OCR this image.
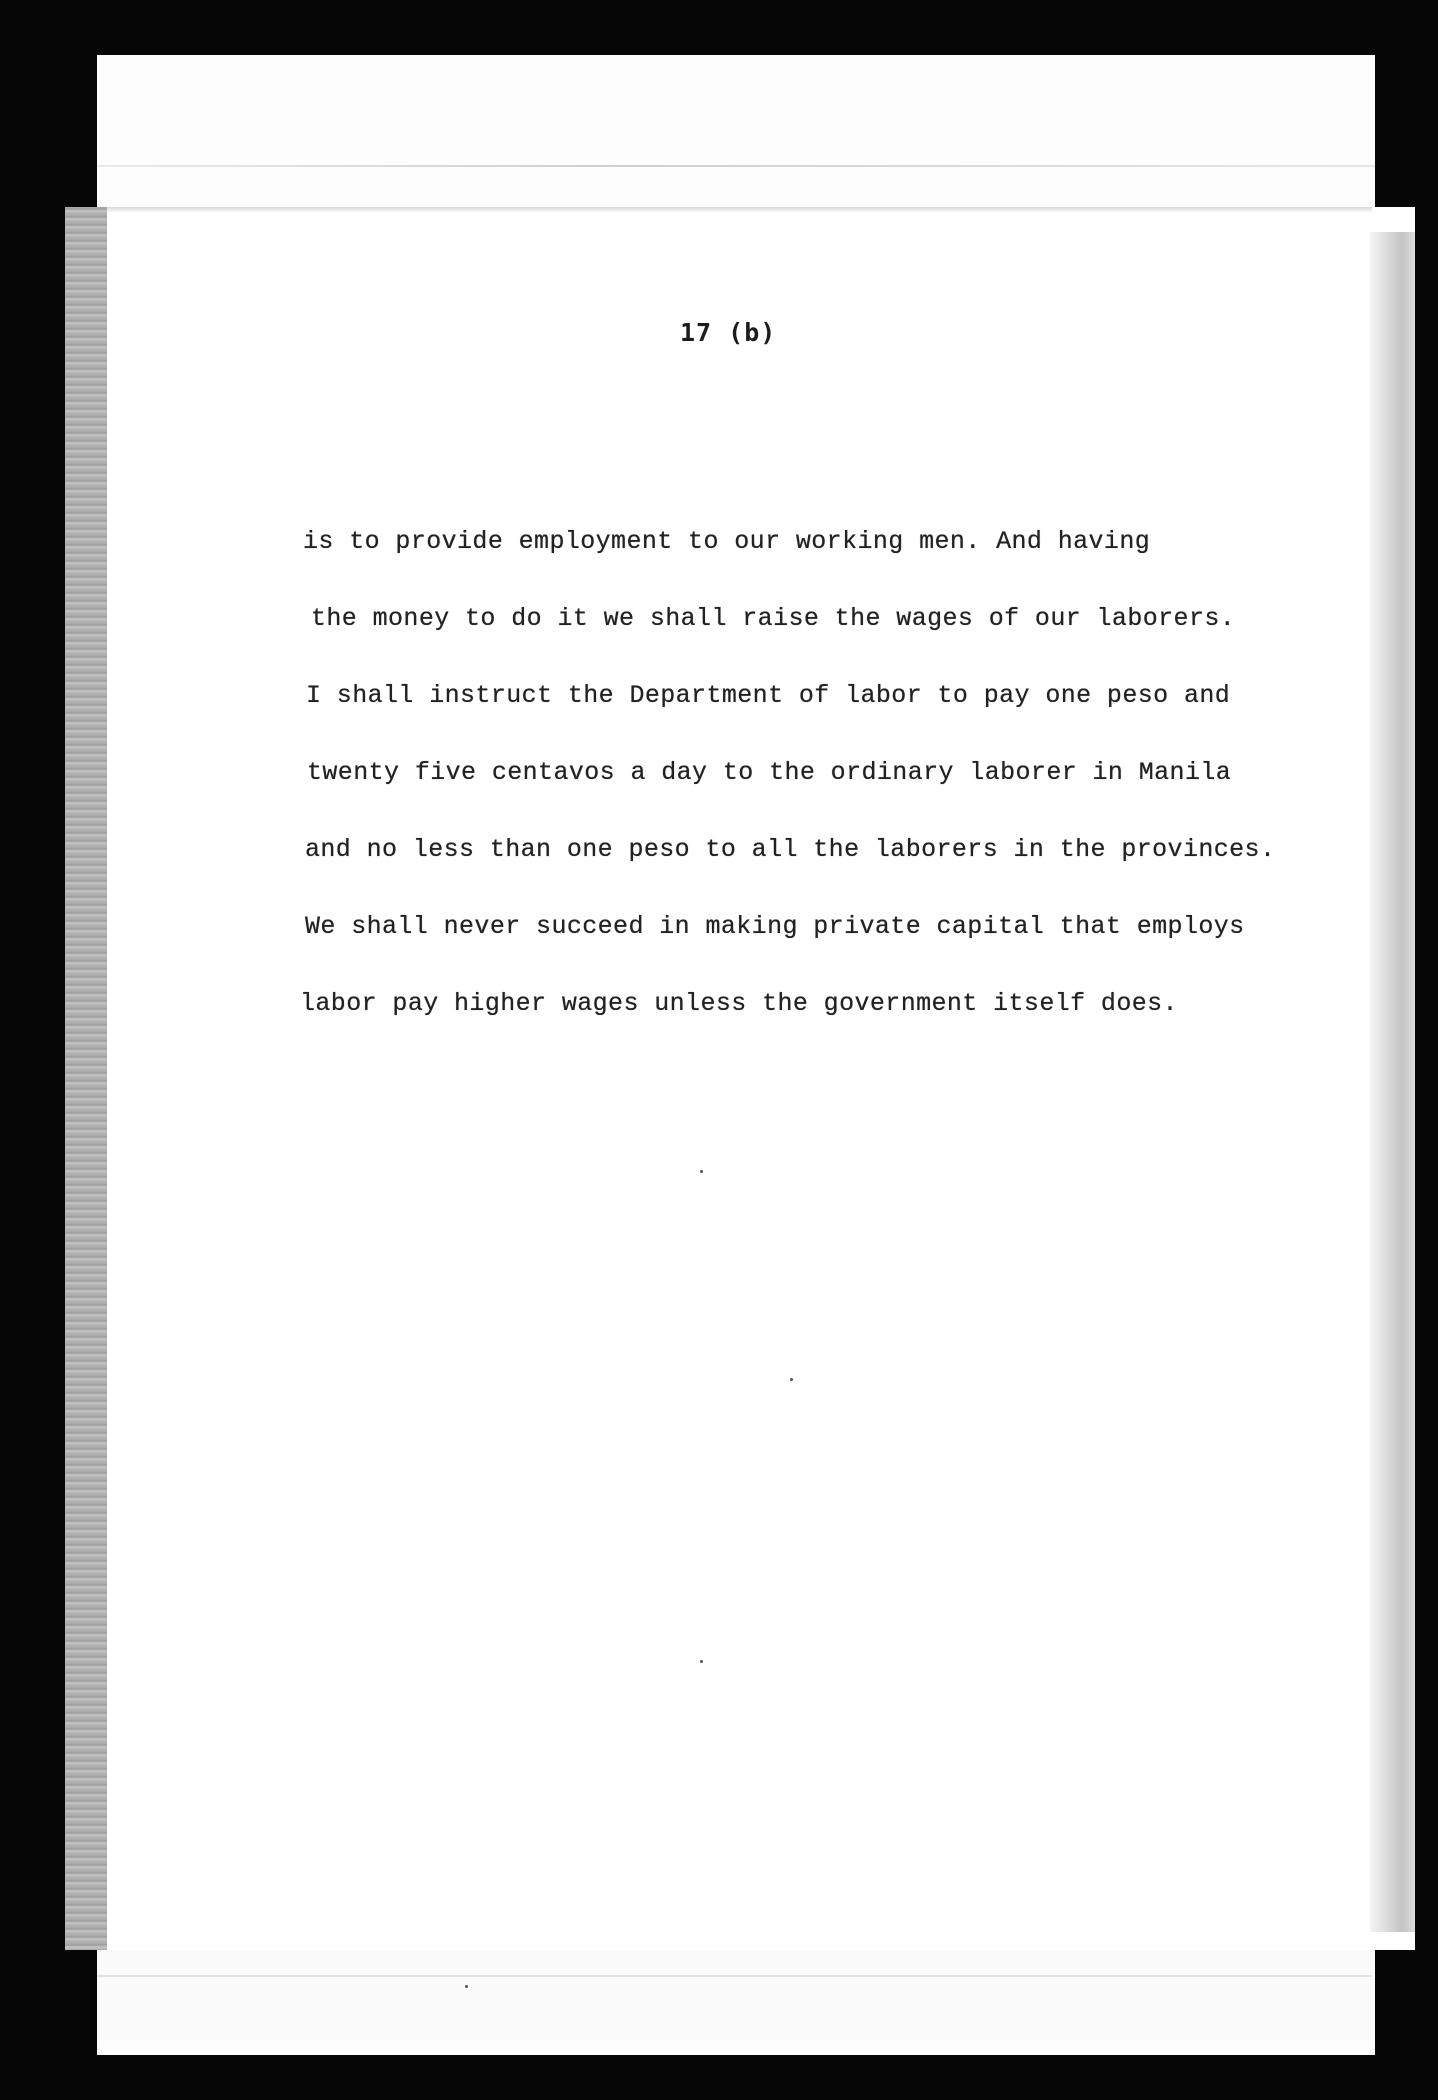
17 (b)
is to provide employment to our working men. And having
the money to do it we shall raise the wages of our laborers.
I shall instruct the Department of labor to pay one peso and
twenty five centavos a day to the ordinary laborer in Manila
and no less than one peso to all the laborers in the provinces.
We shall never succeed in making private capital that employs
labor pay higher wages unless the government itself does.
